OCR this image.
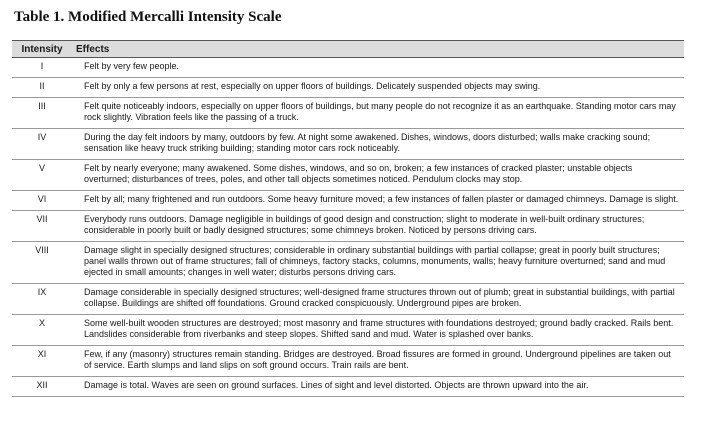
Table 1. Modified Mercalli Intensity Scale
Intensity	Effects
I	Felt by very few people.
II	Felt by only a few persons at rest, especially on upper floors of buildings. Delicately suspended objects may swing.
III	Felt quite noticeably indoors, especially on upper floors of buildings, but many people do not recognize it as an earthquake. Standing motor cars may rock slightly. Vibration feels like the passing of a truck.
IV	During the day felt indoors by many, outdoors by few. At night some awakened. Dishes, windows, doors disturbed; walls make cracking sound; sensation like heavy truck striking building; standing motor cars rock noticeably.
V	Felt by nearly everyone; many awakened. Some dishes, windows, and so on, broken; a few instances of cracked plaster; unstable objects overturned; disturbances of trees, poles, and other tall objects sometimes noticed. Pendulum clocks may stop.
VI	Felt by all; many frightened and run outdoors. Some heavy furniture moved; a few instances of fallen plaster or damaged chimneys. Damage is slight.
VII	Everybody runs outdoors. Damage negligible in buildings of good design and construction; slight to moderate in well-built ordinary structures; considerable in poorly built or badly designed structures; some chimneys broken. Noticed by persons driving cars.
VIII	Damage slight in specially designed structures; considerable in ordinary substantial buildings with partial collapse; great in poorly built structures; panel walls thrown out of frame structures; fall of chimneys, factory stacks, columns, monuments, walls; heavy furniture overturned; sand and mud ejected in small amounts; changes in well water; disturbs persons driving cars.
IX	Damage considerable in specially designed structures; well-designed frame structures thrown out of plumb; great in substantial buildings, with partial collapse. Buildings are shifted off foundations. Ground cracked conspicuously. Underground pipes are broken.
X	Some well-built wooden structures are destroyed; most masonry and frame structures with foundations destroyed; ground badly cracked. Rails bent. Landslides considerable from riverbanks and steep slopes. Shifted sand and mud. Water is splashed over banks.
XI	Few, if any (masonry) structures remain standing. Bridges are destroyed. Broad fissures are formed in ground. Underground pipelines are taken out of service. Earth slumps and land slips on soft ground occurs. Train rails are bent.
XII	Damage is total. Waves are seen on ground surfaces. Lines of sight and level distorted. Objects are thrown upward into the air.
